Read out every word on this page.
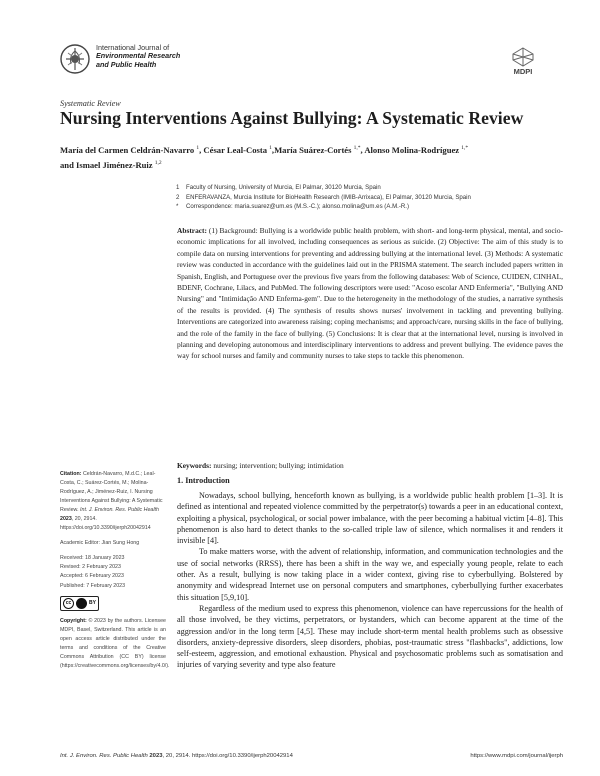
International Journal of
Environmental Research
and Public Health
MDPI
Systematic Review
Nursing Interventions Against Bullying: A Systematic Review
María del Carmen Celdrán-Navarro $^1$, César Leal-Costa $^1$,María Suárez-Cortés $^{1,*}$, Alonso Molina-Rodríguez $^{1,*}$
and Ismael Jiménez-Ruiz $^{1,2}$
1	Faculty of Nursing, University of Murcia, El Palmar, 30120 Murcia, Spain
2	ENFERAVANZA, Murcia Institute for BioHealth Research (IMIB-Arrixaca), El Palmar, 30120 Murcia, Spain
*	Correspondence: maria.suarez@um.es (M.S.-C.); alonso.molina@um.es (A.M.-R.)
Abstract: (1) Background: Bullying is a worldwide public health problem, with short- and long-term physical, mental, and socio-economic implications for all involved, including consequences as serious as suicide. (2) Objective: The aim of this study is to compile data on nursing interventions for preventing and addressing bullying at the international level. (3) Methods: A systematic review was conducted in accordance with the guidelines laid out in the PRISMA statement. The search included papers written in Spanish, English, and Portuguese over the previous five years from the following databases: Web of Science, CUIDEN, CINHAL, BDENF, Cochrane, Lilacs, and PubMed. The following descriptors were used: "Acoso escolar AND Enfermería", "Bullying AND Nursing" and "Intimidação AND Enferma-gem". Due to the heterogeneity in the methodology of the studies, a narrative synthesis of the results is provided. (4) The synthesis of results shows nurses' involvement in tackling and preventing bullying. Interventions are categorized into awareness raising; coping mechanisms; and approach/care, nursing skills in the face of bullying, and the role of the family in the face of bullying. (5) Conclusions: It is clear that at the international level, nursing is involved in planning and developing autonomous and interdisciplinary interventions to address and prevent bullying. The evidence paves the way for school nurses and family and community nurses to take steps to tackle this phenomenon.
Keywords: nursing; intervention; bullying; intimidation
Citation: Celdrán-Navarro, M.d.C.; Leal-Costa, C.; Suárez-Cortés, M.; Molina-Rodríguez, A.; Jiménez-Ruiz, I. Nursing Interventions Against Bullying: A Systematic Review. Int. J. Environ. Res. Public Health 2023, 20, 2914. https://doi.org/10.3390/ijerph20042914
Academic Editor: Jian Sung Hong
Received: 18 January 2023
Revised: 2 February 2023
Accepted: 6 February 2023
Published: 7 February 2023
cc	BY
Copyright: © 2023 by the authors. Licensee MDPI, Basel, Switzerland. This article is an open access article distributed under the terms and conditions of the Creative Commons Attribution (CC BY) license (https://creativecommons.org/licenses/by/4.0/).
1. Introduction

Nowadays, school bullying, henceforth known as bullying, is a worldwide public health problem [1–3]. It is defined as intentional and repeated violence committed by the perpetrator(s) towards a peer in an educational context, exploiting a physical, psychological, or social power imbalance, with the peer becoming a habitual victim [4–8]. This phenomenon is also hard to detect thanks to the so-called triple law of silence, which normalises it and renders it invisible [4].

To make matters worse, with the advent of relationship, information, and communication technologies and the use of social networks (RRSS), there has been a shift in the way we, and especially young people, relate to each other. As a result, bullying is now taking place in a wider context, giving rise to cyberbullying. Bolstered by anonymity and widespread Internet use on personal computers and smartphones, cyberbullying further exacerbates this situation [5,9,10].

Regardless of the medium used to express this phenomenon, violence can have repercussions for the health of all those involved, be they victims, perpetrators, or bystanders, which can become apparent at the time of the aggression and/or in the long term [4,5]. These may include short-term mental health problems such as obsessive disorders, anxiety-depressive disorders, sleep disorders, phobias, post-traumatic stress "flashbacks", addictions, low self-esteem, aggression, and emotional exhaustion. Physical and psychosomatic problems such as somatisation and injuries of varying severity and type also feature

Int. J. Environ. Res. Public Health 2023, 20, 2914. https://doi.org/10.3390/ijerph20042914	https://www.mdpi.com/journal/ijerph
